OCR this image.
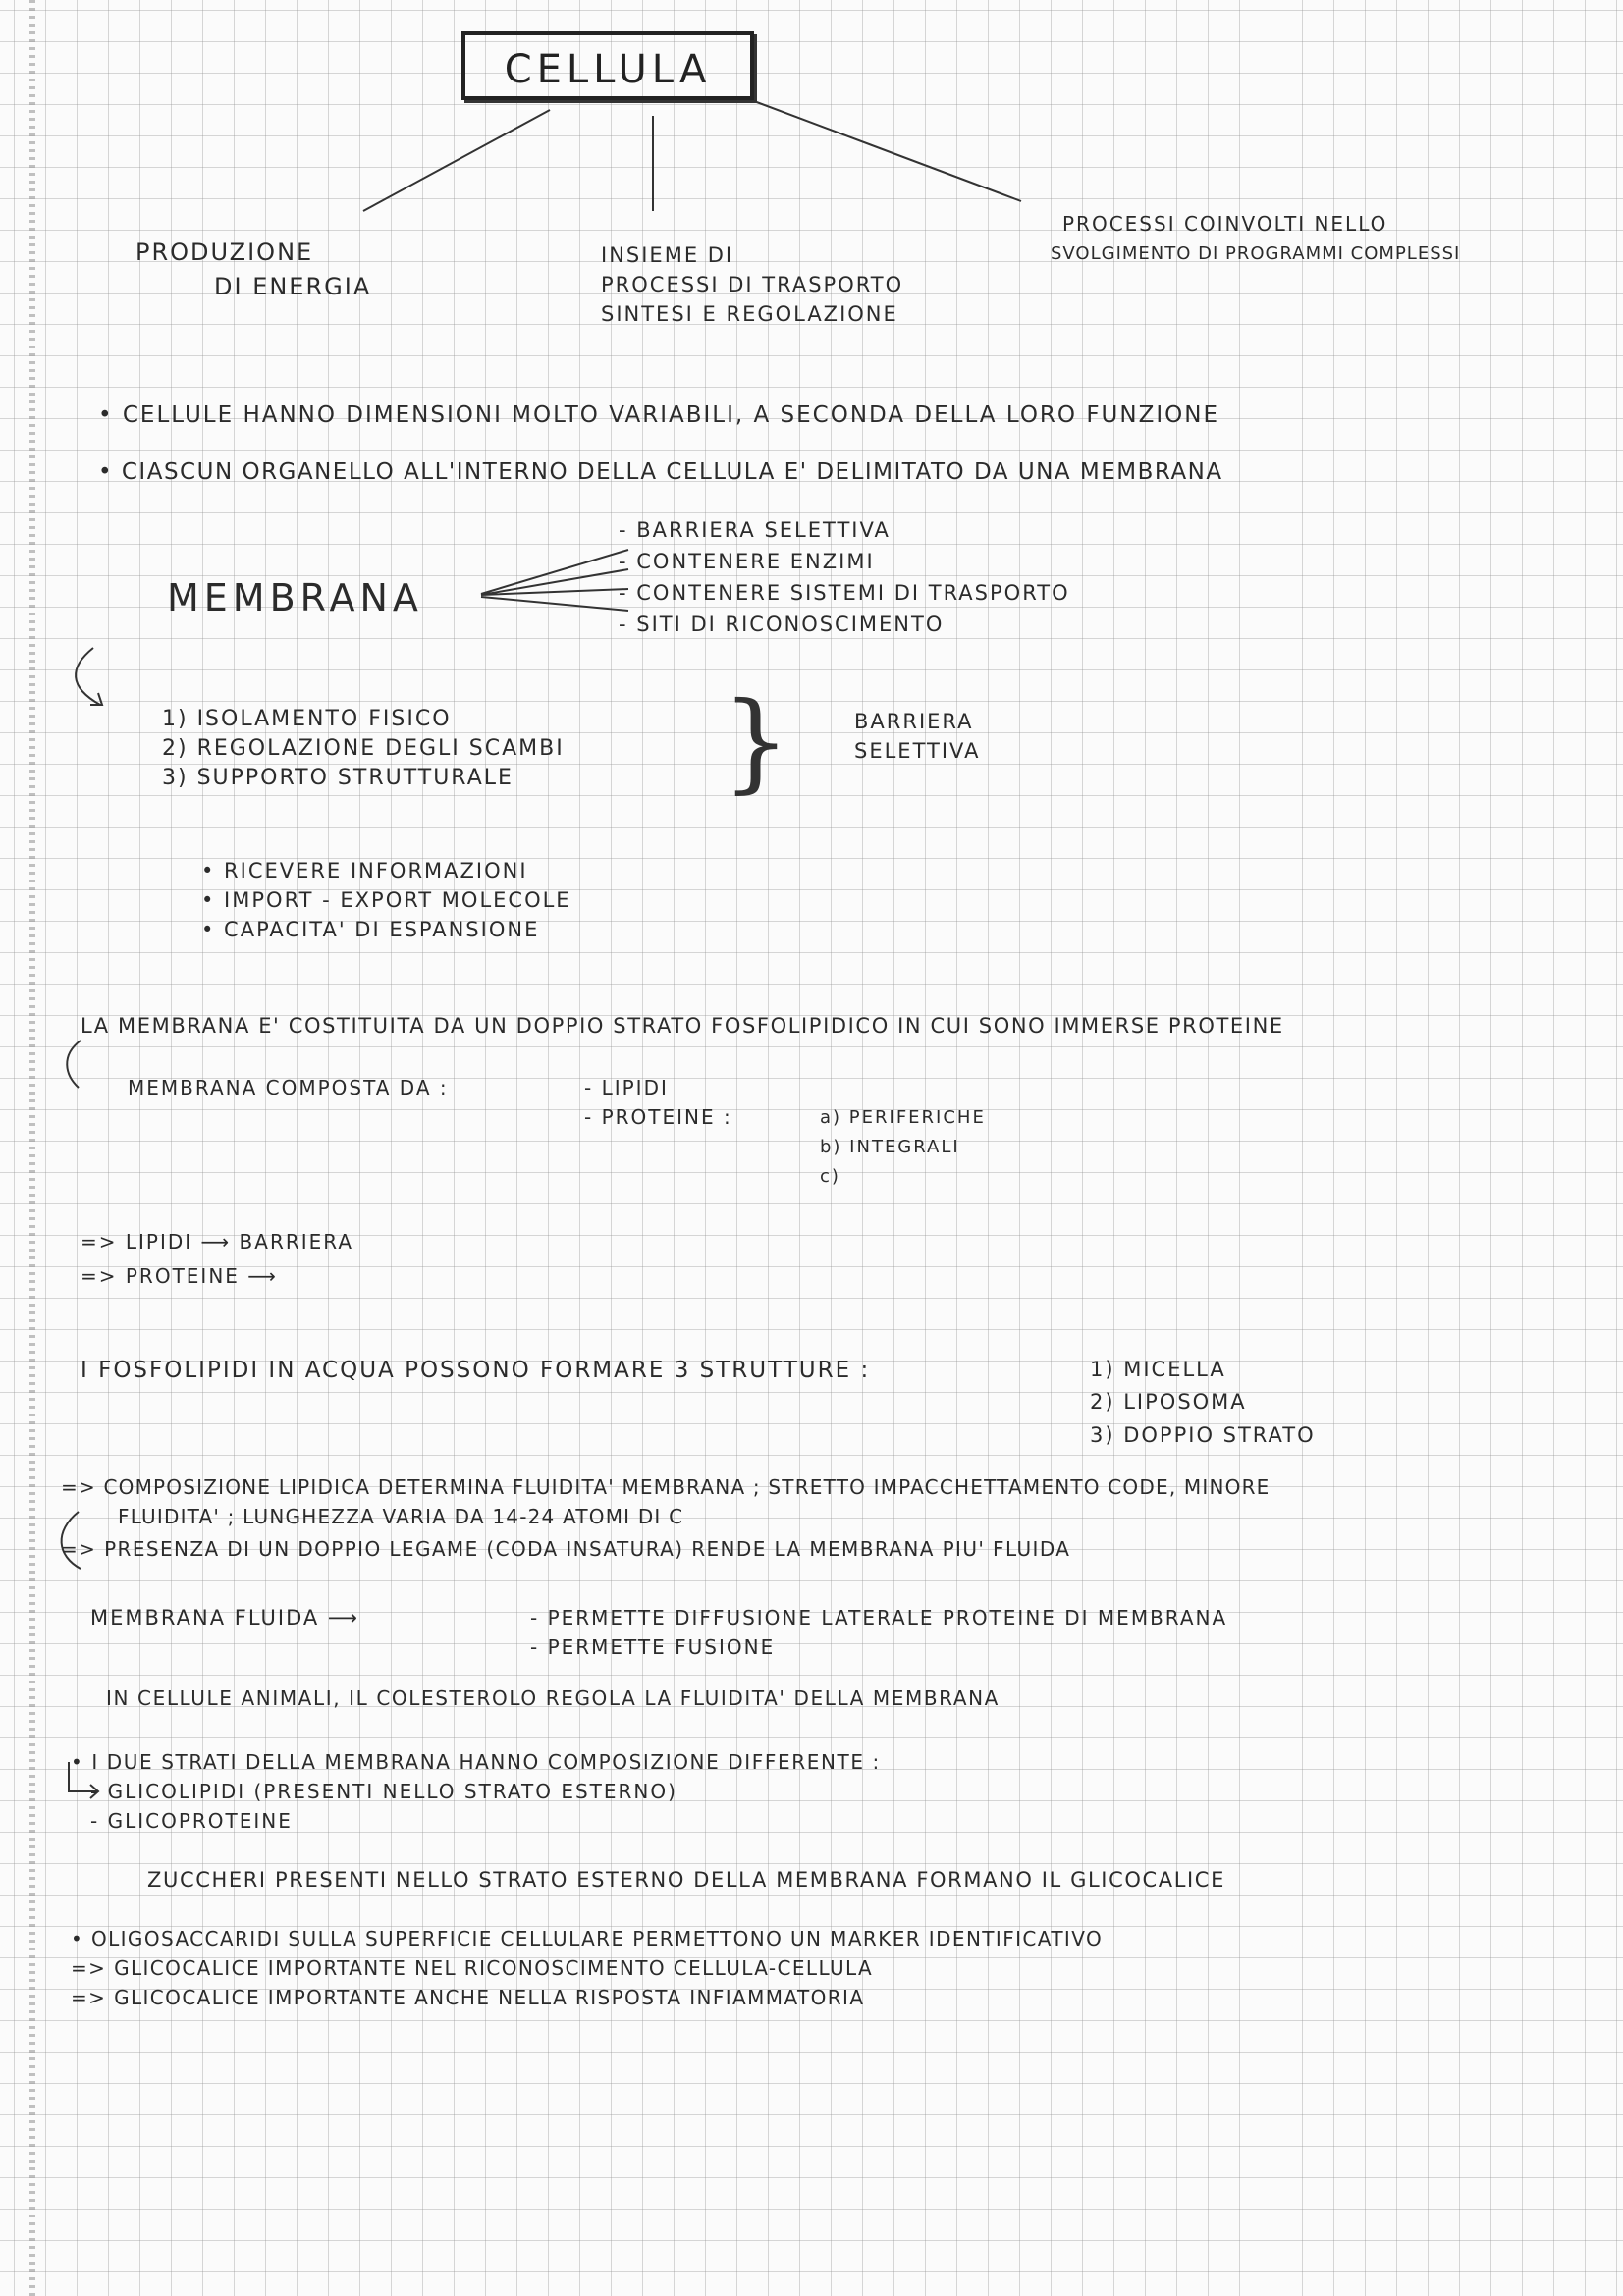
CELLULA
PRODUZIONE
DI ENERGIA
INSIEME DI
PROCESSI DI TRASPORTO
SINTESI E REGOLAZIONE
PROCESSI COINVOLTI NELLO
SVOLGIMENTO DI PROGRAMMI COMPLESSI
• CELLULE HANNO DIMENSIONI MOLTO VARIABILI, A SECONDA DELLA LORO FUNZIONE
• CIASCUN ORGANELLO ALL'INTERNO DELLA CELLULA E' DELIMITATO DA UNA MEMBRANA
MEMBRANA
- BARRIERA SELETTIVA
- CONTENERE ENZIMI
- CONTENERE SISTEMI DI TRASPORTO
- SITI DI RICONOSCIMENTO
1) ISOLAMENTO FISICO
2) REGOLAZIONE DEGLI SCAMBI
3) SUPPORTO STRUTTURALE }	BARRIERA
SELETTIVA
• RICEVERE INFORMAZIONI
• IMPORT - EXPORT MOLECOLE
• CAPACITA' DI ESPANSIONE
LA MEMBRANA E' COSTITUITA DA UN DOPPIO STRATO FOSFOLIPIDICO IN CUI SONO IMMERSE PROTEINE
MEMBRANA COMPOSTA DA :	- LIPIDI
- PROTEINE :	a) PERIFERICHE
b) INTEGRALI
c)
=> LIPIDI ⟶ BARRIERA
=> PROTEINE ⟶
I FOSFOLIPIDI IN ACQUA POSSONO FORMARE 3 STRUTTURE :	1) MICELLA
2) LIPOSOMA
3) DOPPIO STRATO
=> COMPOSIZIONE LIPIDICA DETERMINA FLUIDITA' MEMBRANA ; STRETTO IMPACCHETTAMENTO CODE, MINORE
FLUIDITA' ; LUNGHEZZA VARIA DA 14-24 ATOMI DI C
=> PRESENZA DI UN DOPPIO LEGAME (CODA INSATURA) RENDE LA MEMBRANA PIU' FLUIDA
MEMBRANA FLUIDA ⟶	- PERMETTE DIFFUSIONE LATERALE PROTEINE DI MEMBRANA
- PERMETTE FUSIONE
IN CELLULE ANIMALI, IL COLESTEROLO REGOLA LA FLUIDITA' DELLA MEMBRANA
• I DUE STRATI DELLA MEMBRANA HANNO COMPOSIZIONE DIFFERENTE :
- GLICOLIPIDI (PRESENTI NELLO STRATO ESTERNO)
- GLICOPROTEINE
ZUCCHERI PRESENTI NELLO STRATO ESTERNO DELLA MEMBRANA FORMANO IL GLICOCALICE
• OLIGOSACCARIDI SULLA SUPERFICIE CELLULARE PERMETTONO UN MARKER IDENTIFICATIVO
=> GLICOCALICE IMPORTANTE NEL RICONOSCIMENTO CELLULA-CELLULA
=> GLICOCALICE IMPORTANTE ANCHE NELLA RISPOSTA INFIAMMATORIA
